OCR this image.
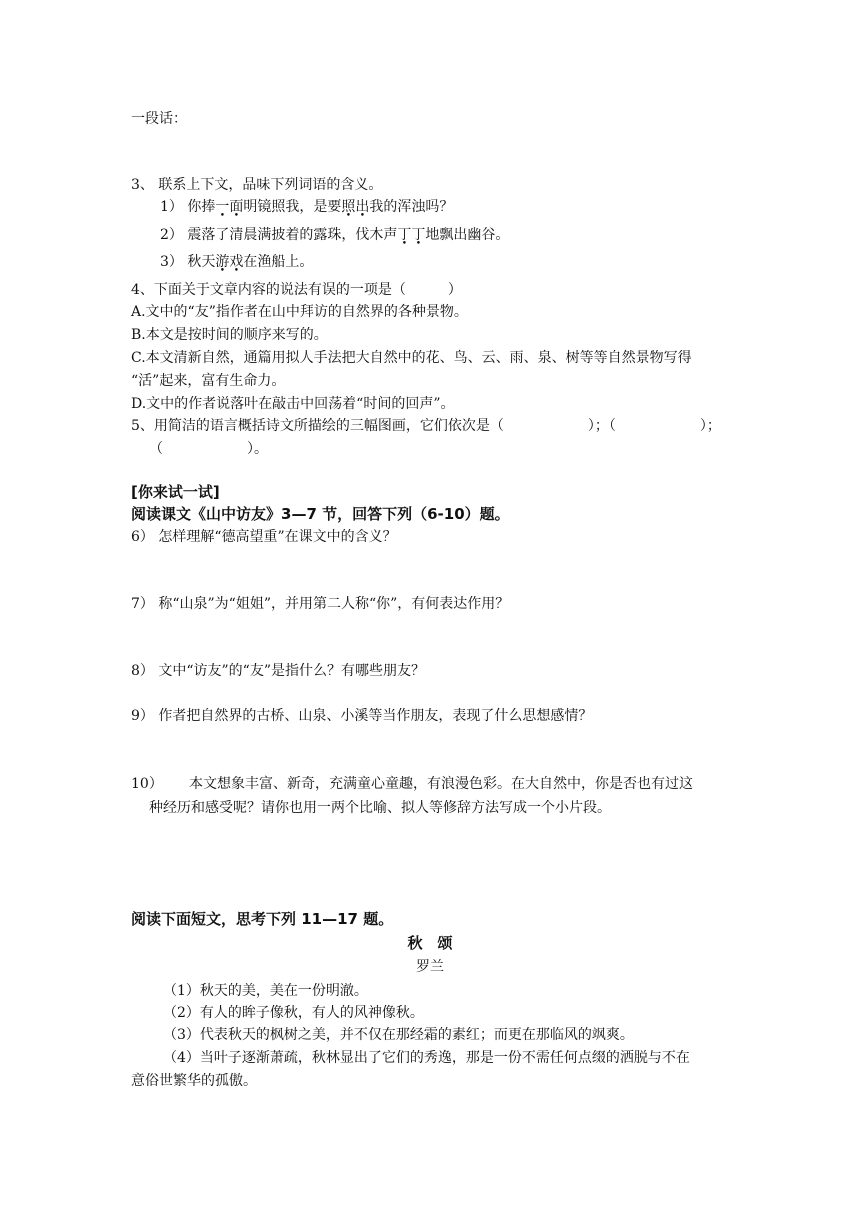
一段话：
3、 联系上下文，品味下列词语的含义。
1） 你捧一面明镜照我，是要照出我的浑浊吗？
2） 震落了清晨满披着的露珠，伐木声丁丁地飘出幽谷。
3） 秋天游戏在渔船上。
4、下面关于文章内容的说法有误的一项是（　　　）
A.文中的“友”指作者在山中拜访的自然界的各种景物。
B.本文是按时间的顺序来写的。
C.本文清新自然，通篇用拟人手法把大自然中的花、鸟、云、雨、泉、树等等自然景物写得
“活”起来，富有生命力。
D.文中的作者说落叶在敲击中回荡着“时间的回声”。
5、用简洁的语言概括诗文所描绘的三幅图画，它们依次是（　　　　　　）；（　　　　　　）；
（　　　　　　）。
[你来试一试]
阅读课文《山中访友》3—7 节，回答下列（6-10）题。
6） 怎样理解“德高望重”在课文中的含义？
7） 称“山泉”为“姐姐”，并用第二人称“你”，有何表达作用？
8） 文中“访友”的“友”是指什么？有哪些朋友？
9） 作者把自然界的古桥、山泉、小溪等当作朋友，表现了什么思想感情？
10） 本文想象丰富、新奇，充满童心童趣，有浪漫色彩。在大自然中，你是否也有过这
种经历和感受呢？请你也用一两个比喻、拟人等修辞方法写成一个小片段。
阅读下面短文，思考下列 11—17 题。
秋　颂
罗兰
（1）秋天的美，美在一份明澈。
（2）有人的眸子像秋，有人的风神像秋。
（3）代表秋天的枫树之美，并不仅在那经霜的素红；而更在那临风的飒爽。
（4）当叶子逐渐萧疏，秋林显出了它们的秀逸，那是一份不需任何点缀的洒脱与不在
意俗世繁华的孤傲。
